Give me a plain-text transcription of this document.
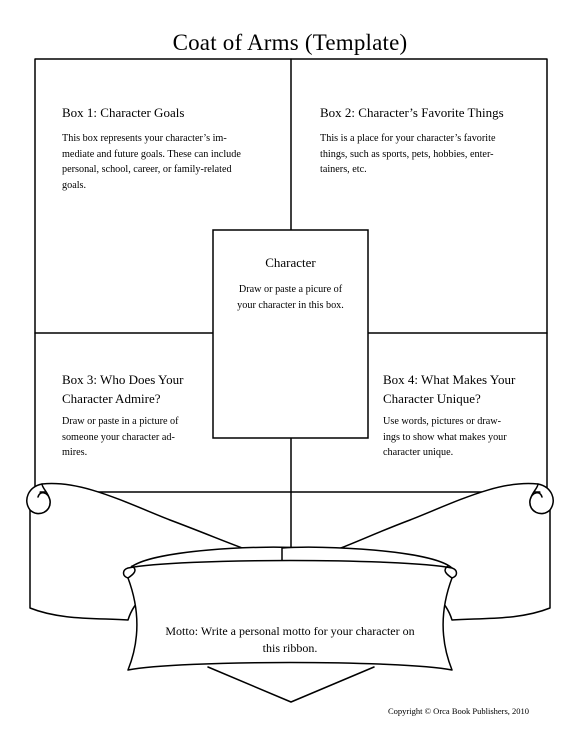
Coat of Arms (Template)
Box 1: Character Goals
This box represents your character’s im-
mediate and future goals. These can include
personal, school, career, or family-related
goals.
Box 2: Character’s Favorite Things
This is a place for your character’s favorite
things, such as sports, pets, hobbies, enter-
tainers, etc.
Character
Draw or paste a picure of
your character in this box.
Box 3: Who Does Your
Character Admire?
Draw or paste in a picture of
someone your character ad-
mires.
Box 4: What Makes Your
Character Unique?
Use words, pictures or draw-
ings to show what makes your
character unique.
Motto: Write a personal motto for your character on
this ribbon.
Copyright © Orca Book Publishers, 2010
